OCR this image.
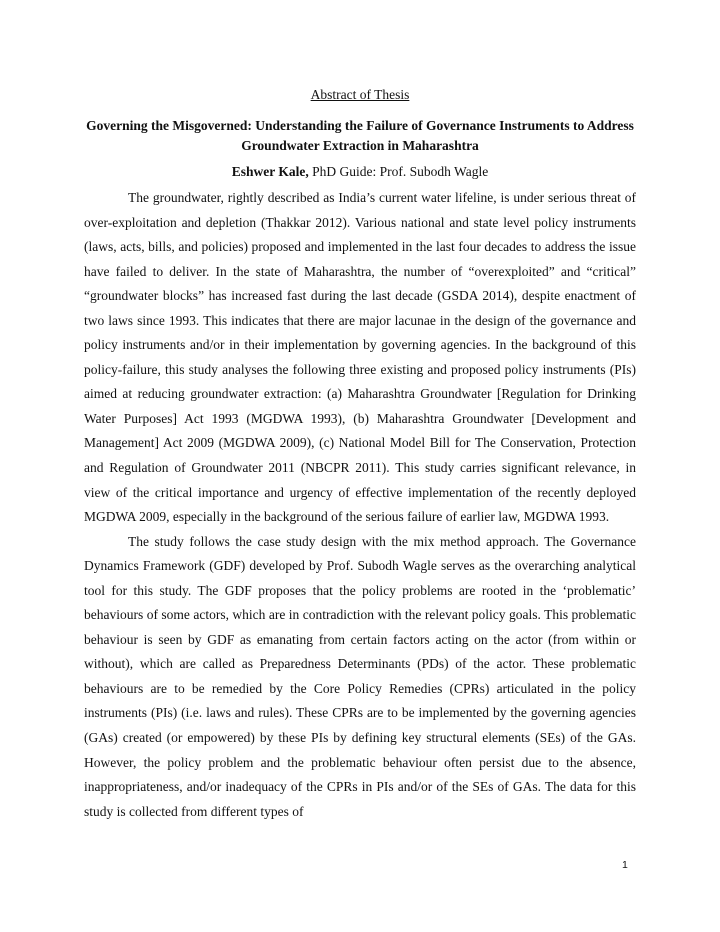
Abstract of Thesis
Governing the Misgoverned: Understanding the Failure of Governance Instruments to Address Groundwater Extraction in Maharashtra
Eshwer Kale, PhD Guide: Prof. Subodh Wagle

The groundwater, rightly described as India’s current water lifeline, is under serious threat of over-exploitation and depletion (Thakkar 2012). Various national and state level policy instruments (laws, acts, bills, and policies) proposed and implemented in the last four decades to address the issue have failed to deliver. In the state of Maharashtra, the number of “overexploited” and “critical” “groundwater blocks” has increased fast during the last decade (GSDA 2014), despite enactment of two laws since 1993. This indicates that there are major lacunae in the design of the governance and policy instruments and/or in their implementation by governing agencies. In the background of this policy-failure, this study analyses the following three existing and proposed policy instruments (PIs) aimed at reducing groundwater extraction: (a) Maharashtra Groundwater [Regulation for Drinking Water Purposes] Act 1993 (MGDWA 1993), (b) Maharashtra Groundwater [Development and Management] Act 2009 (MGDWA 2009), (c) National Model Bill for The Conservation, Protection and Regulation of Groundwater 2011 (NBCPR 2011). This study carries significant relevance, in view of the critical importance and urgency of effective implementation of the recently deployed MGDWA 2009, especially in the background of the serious failure of earlier law, MGDWA 1993.

The study follows the case study design with the mix method approach. The Governance Dynamics Framework (GDF) developed by Prof. Subodh Wagle serves as the overarching analytical tool for this study. The GDF proposes that the policy problems are rooted in the ‘problematic’ behaviours of some actors, which are in contradiction with the relevant policy goals. This problematic behaviour is seen by GDF as emanating from certain factors acting on the actor (from within or without), which are called as Preparedness Determinants (PDs) of the actor. These problematic behaviours are to be remedied by the Core Policy Remedies (CPRs) articulated in the policy instruments (PIs) (i.e. laws and rules). These CPRs are to be implemented by the governing agencies (GAs) created (or empowered) by these PIs by defining key structural elements (SEs) of the GAs. However, the policy problem and the problematic behaviour often persist due to the absence, inappropriateness, and/or inadequacy of the CPRs in PIs and/or of the SEs of GAs. The data for this study is collected from different types of

1
